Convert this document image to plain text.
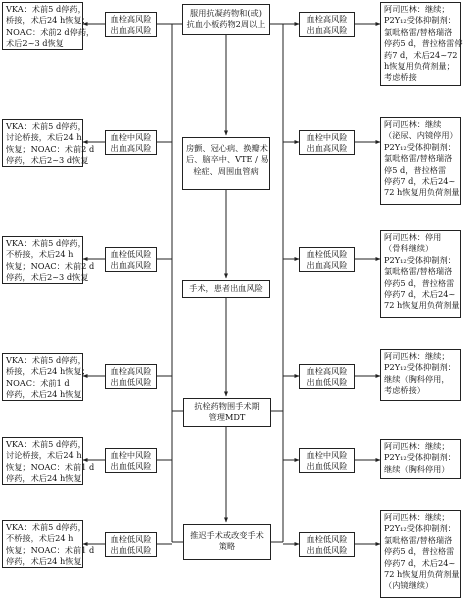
服用抗凝药物和(或)
抗血小板药物2周以上
房颤、冠心病、换瓣术
后、脑卒中、VTE / 易
栓症、周围血管病
手术，患者出血风险
抗栓药物围手术期
管理MDT
推迟手术或改变手术
策略
血栓高风险
出血高风险
血栓中风险
出血高风险
血栓低风险
出血高风险
血栓高风险
出血低风险
血栓中风险
出血低风险
血栓低风险
出血低风险
VKA：术前5 d停药，
桥接，术后24 h恢复；
NOAC：术前2 d停药，
术后2~3 d恢复
VKA：术前5 d停药，
讨论桥接，术后24 h
恢复；NOAC：术前2 d
停药，术后2~3 d恢复
VKA：术前5 d停药，
不桥接，术后24 h
恢复；NOAC：术前2 d
停药，术后2~3 d恢复
VKA：术前5 d停药，
桥接，术后24 h恢复；
NOAC：术前1 d
停药，术后24 h恢复
VKA：术前5 d停药，
讨论桥接，术后24 h
恢复；NOAC：术前1 d
停药，术后24 h恢复
VKA：术前5 d停药，
不桥接，术后24 h
恢复；NOAC：术前1 d
停药，术后24 h恢复
血栓高风险
出血高风险
血栓中风险
出血高风险
血栓低风险
出血高风险
血栓高风险
出血低风险
血栓中风险
出血低风险
血栓低风险
出血低风险
阿司匹林：继续；
P2Y₁₂受体抑制剂：
氯吡格雷/替格瑞洛
停药5 d，普拉格雷停
药7 d，术后24~72
h恢复用负荷剂量；
考虑桥接
阿司匹林：继续
（泌尿、内镜停用）
P2Y₁₂受体抑制剂：
氯吡格雷/替格瑞洛
停5 d，普拉格雷
停药7 d，术后24~
72 h恢复用负荷剂量
阿司匹林：停用
（骨科继续）
P2Y₁₂受体抑制剂：
氯吡格雷/替格瑞洛
停药5 d，普拉格雷
停药7 d，术后24~
72 h恢复用负荷剂量
阿司匹林：继续；
P2Y₁₂受体抑制剂：
继续（胸科停用，
考虑桥接）
阿司匹林：继续；
P2Y₁₂受体抑制剂：
继续（胸科停用）
阿司匹林：继续；
P2Y₁₂受体抑制剂：
氯吡格雷/替格瑞洛
停药5 d，普拉格雷
停药7 d，术后24~
72 h恢复用负荷剂量
（内镜继续）
